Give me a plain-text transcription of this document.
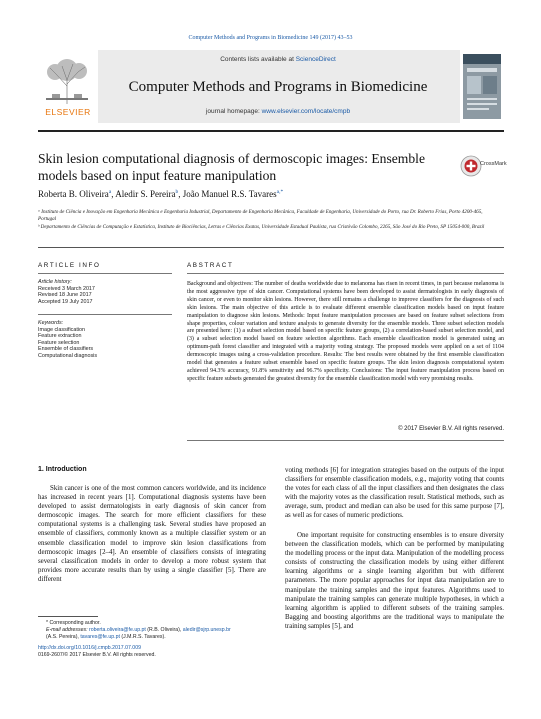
Computer Methods and Programs in Biomedicine 149 (2017) 43–53
ELSEVIER
Contents lists available at ScienceDirect
Computer Methods and Programs in Biomedicine
journal homepage: www.elsevier.com/locate/cmpb
Skin lesion computational diagnosis of dermoscopic images: Ensemble models based on input feature manipulation
CrossMark
Roberta B. Oliveira$^a$, Aledir S. Pereira$^b$, João Manuel R.S. Tavares$^{a,*}$
ᵃ Instituto de Ciência e Inovação em Engenharia Mecânica e Engenharia Industrial, Departamento de Engenharia Mecânica, Faculdade de Engenharia, Universidade do Porto, rua Dr. Roberto Frias, Porto 4200-465, Portugal
ᵇ Departamento de Ciências de Computação e Estatística, Instituto de Biociências, Letras e Ciências Exatas, Universidade Estadual Paulista, rua Cristóvão Colombo, 2265, São José do Rio Preto, SP 15054-000, Brazil
ARTICLE INFO
Article history:
Received 3 March 2017
Revised 18 June 2017
Accepted 19 July 2017
Keywords:
Image classification
Feature extraction
Feature selection
Ensemble of classifiers
Computational diagnosis
ABSTRACT
Background and objectives: The number of deaths worldwide due to melanoma has risen in recent times, in part because melanoma is the most aggressive type of skin cancer. Computational systems have been developed to assist dermatologists in early diagnosis of skin cancer, or even to monitor skin lesions. However, there still remains a challenge to improve classifiers for the diagnosis of such skin lesions. The main objective of this article is to evaluate different ensemble classification models based on input feature manipulation to diagnose skin lesions. Methods: Input feature manipulation processes are based on feature subset selections from shape properties, colour variation and texture analysis to generate diversity for the ensemble models. Three subset selection models are presented here: (1) a subset selection model based on specific feature groups, (2) a correlation-based subset selection model, and (3) a subset selection model based on feature selection algorithms. Each ensemble classification model is generated using an optimum-path forest classifier and integrated with a majority voting strategy. The proposed models were applied on a set of 1104 dermoscopic images using a cross-validation procedure. Results: The best results were obtained by the first ensemble classification model that generates a feature subset ensemble based on specific feature groups. The skin lesion diagnosis computational system achieved 94.3% accuracy, 91.8% sensitivity and 96.7% specificity. Conclusions: The input feature manipulation process based on specific feature subsets generated the greatest diversity for the ensemble classification model with very promising results.
© 2017 Elsevier B.V. All rights reserved.
1. Introduction
Skin cancer is one of the most common cancers worldwide, and its incidence has increased in recent years [1]. Computational diagnosis systems have been developed to assist dermatologists in early diagnosis of skin cancer from dermoscopic images. The search for more efficient classifiers for these computational systems is a challenging task. Several studies have proposed an ensemble of classifiers, commonly known as a multiple classifier system or an ensemble classification model to improve skin lesion classifications from dermoscopic images [2–4]. An ensemble of classifiers consists of integrating several classification models in order to develop a more robust system that provides more accurate results than by using a single classifier [5]. There are different
voting methods [6] for integration strategies based on the outputs of the input classifiers for ensemble classification models, e.g., majority voting that counts the votes for each class of all the input classifiers and then designates the class with the majority votes as the classification result. Statistical methods, such as average, sum, product and median can also be used for this same purpose [7], as well as for cases of numeric predictions.
One important requisite for constructing ensembles is to ensure diversity between the classification models, which can be performed by manipulating the modelling process or the input data. Manipulation of the modelling process consists of constructing the classification models by using either different learning algorithms or a single learning algorithm but with different parameters. The more popular approaches for input data manipulation are to manipulate the training samples and the input features. Algorithms used to manipulate the training samples can generate multiple hypotheses, in which a learning algorithm is applied to different subsets of the training samples. Bagging and boosting algorithms are the traditional ways to manipulate the training samples [5], and
* Corresponding author.
E-mail addresses: roberta.oliveira@fe.up.pt (R.B. Oliveira), aledir@sjrp.unesp.br
(A.S. Pereira), tavares@fe.up.pt (J.M.R.S. Tavares).
http://dx.doi.org/10.1016/j.cmpb.2017.07.009
0169-2607/© 2017 Elsevier B.V. All rights reserved.
